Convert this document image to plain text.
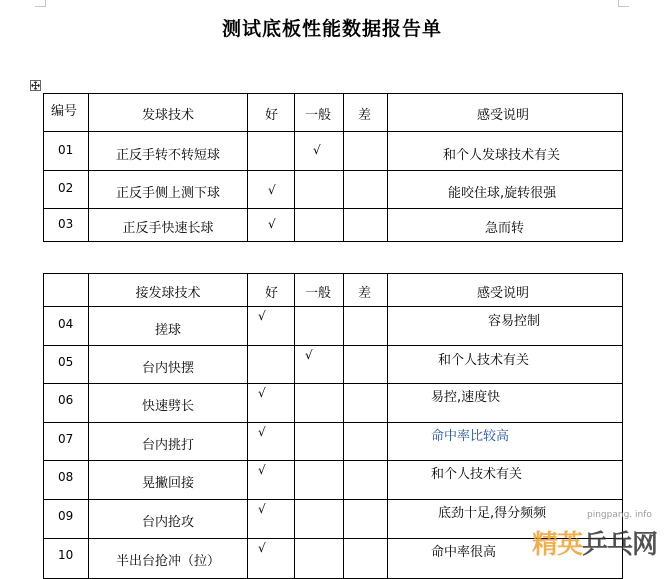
测试底板性能数据报告单
编号	发球技术	好	一般	差	感受说明

01	正反手转不转短球		√		和个人发球技术有关

02	正反手侧上测下球	√			能咬住球,旋转很强

03	正反手快速长球	√			急而转

	接发球技术	好	一般	差	感受说明

04	搓球	√			容易控制

05	台内快摆		√		和个人技术有关

06	快速劈长	√			易控,速度快

07	台内挑打	√			命中率比较高

08	晃撇回接	√			和个人技术有关

09	台内抢攻	√			底劲十足,得分频频

10	半出台抢冲（拉）	√			命中率很高
pingpang. info
精英乒乓网
